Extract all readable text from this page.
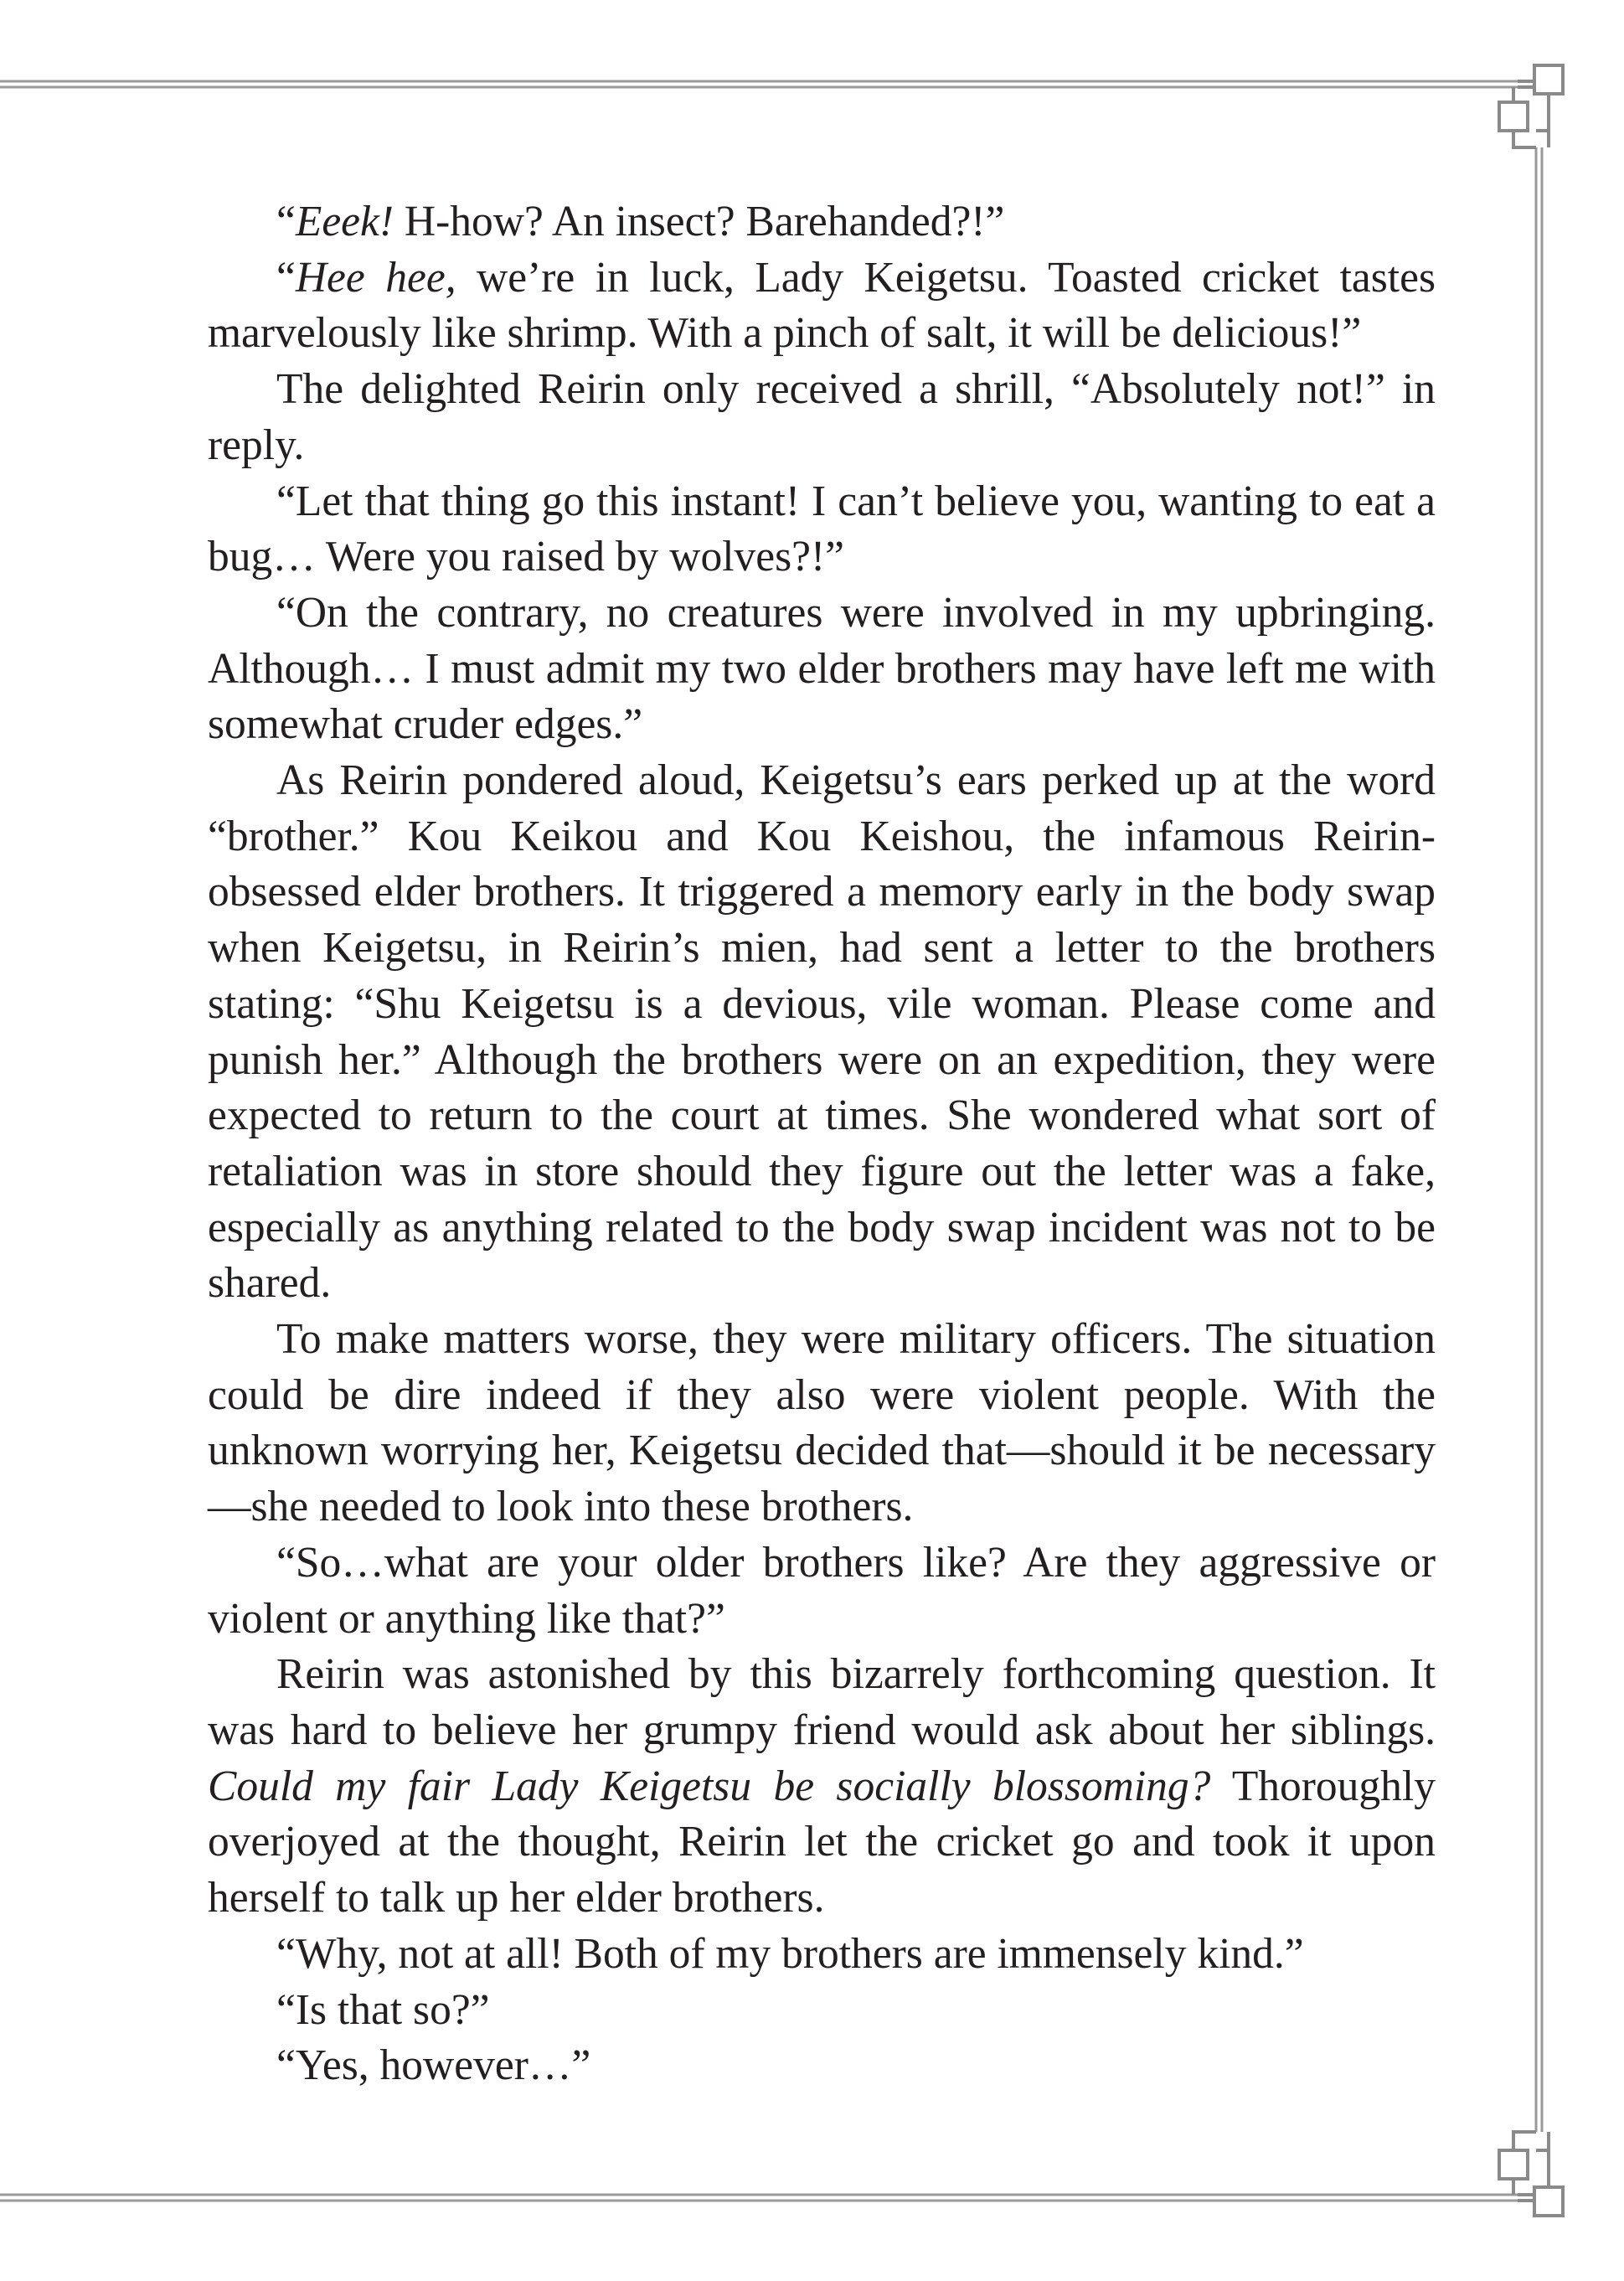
“Eeek! H-how? An insect? Barehanded?!”

“Hee hee, we’re in luck, Lady Keigetsu. Toasted cricket tastes marvelously like shrimp. With a pinch of salt, it will be delicious!”

The delighted Reirin only received a shrill, “Absolutely not!” in reply.

“Let that thing go this instant! I can’t believe you, wanting to eat a bug… Were you raised by wolves?!”

“On the contrary, no creatures were involved in my upbringing. Although… I must admit my two elder brothers may have left me with somewhat cruder edges.”

As Reirin pondered aloud, Keigetsu’s ears perked up at the word “brother.” Kou Keikou and Kou Keishou, the infamous Reirin-obsessed elder brothers. It triggered a memory early in the body swap when Keigetsu, in Reirin’s mien, had sent a letter to the brothers stating: “Shu Keigetsu is a devious, vile woman. Please come and punish her.” Although the brothers were on an expedition, they were expected to return to the court at times. She wondered what sort of retaliation was in store should they figure out the letter was a fake, especially as anything related to the body swap incident was not to be shared.

To make matters worse, they were military officers. The situation could be dire indeed if they also were violent people. With the unknown worrying her, Keigetsu decided that—should it be necessary—she needed to look into these brothers.

“So…what are your older brothers like? Are they aggressive or violent or anything like that?”

Reirin was astonished by this bizarrely forthcoming question. It was hard to believe her grumpy friend would ask about her siblings. Could my fair Lady Keigetsu be socially blossoming? Thoroughly overjoyed at the thought, Reirin let the cricket go and took it upon herself to talk up her elder brothers.

“Why, not at all! Both of my brothers are immensely kind.”

“Is that so?”

“Yes, however…”
